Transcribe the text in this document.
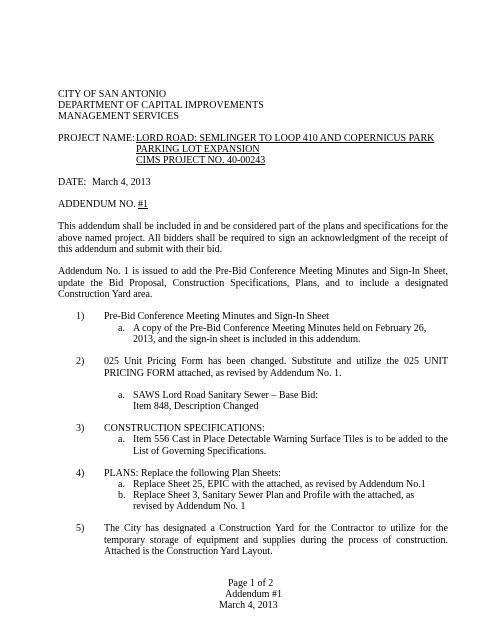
CITY OF SAN ANTONIO
DEPARTMENT OF CAPITAL IMPROVEMENTS
MANAGEMENT SERVICES
PROJECT NAME: LORD ROAD: SEMLINGER TO LOOP 410 AND COPERNICUS PARK
PARKING LOT EXPANSION
CIMS PROJECT NO. 40-00243
DATE: March 4, 2013
ADDENDUM NO. #1
This addendum shall be included in and be considered part of the plans and specifications for the above named project. All bidders shall be required to sign an acknowledgment of the receipt of this addendum and submit with their bid.
Addendum No. 1 is issued to add the Pre-Bid Conference Meeting Minutes and Sign-In Sheet, update the Bid Proposal, Construction Specifications, Plans, and to include a designated Construction Yard area.
1) Pre-Bid Conference Meeting Minutes and Sign-In Sheet
a. A copy of the Pre-Bid Conference Meeting Minutes held on February 26,
2013, and the sign-in sheet is included in this addendum.
2) 025 Unit Pricing Form has been changed. Substitute and utilize the 025 UNIT PRICING FORM attached, as revised by Addendum No. 1.
a. SAWS Lord Road Sanitary Sewer – Base Bid:
Item 848, Description Changed
3) CONSTRUCTION SPECIFICATIONS:
a. Item 556 Cast in Place Detectable Warning Surface Tiles is to be added to the List of Governing Specifications.
4) PLANS: Replace the following Plan Sheets:
a. Replace Sheet 25, EPIC with the attached, as revised by Addendum No.1
b. Replace Sheet 3, Sanitary Sewer Plan and Profile with the attached, as
revised by Addendum No. 1
5) The City has designated a Construction Yard for the Contractor to utilize for the temporary storage of equipment and supplies during the process of construction. Attached is the Construction Yard Layout.
Page 1 of 2
Addendum #1
March 4, 2013
